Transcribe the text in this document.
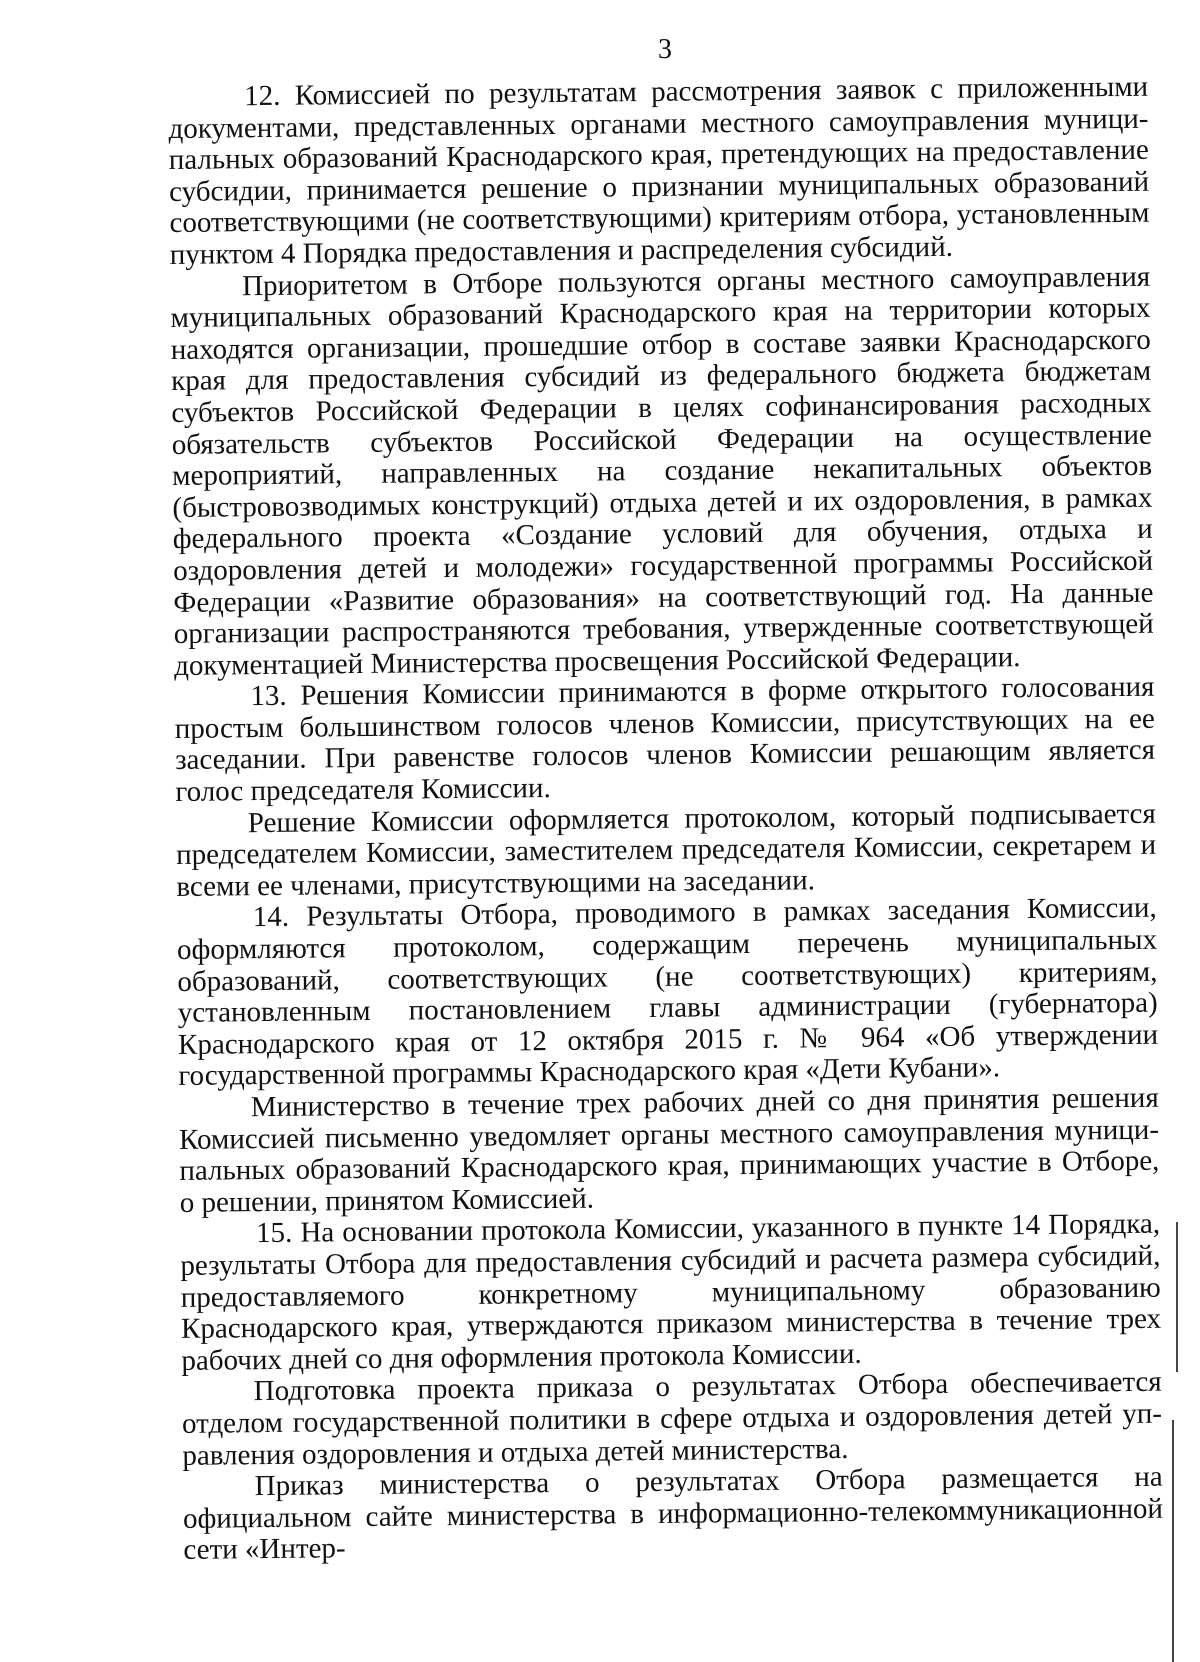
3

12. Комиссией по результатам рассмотрения заявок с приложенными документами, представленных органами местного самоуправления муниципальных образований Краснодарского края, претендующих на предоставление субсидии, принимается решение о признании муниципальных образований соответствующими (не соответствующими) критериям отбора, установленным пунктом 4 Порядка предоставления и распределения субсидий.

Приоритетом в Отборе пользуются органы местного самоуправления муниципальных образований Краснодарского края на территории которых находятся организации, прошедшие отбор в составе заявки Краснодарского края для предоставления субсидий из федерального бюджета бюджетам субъектов Российской Федерации в целях софинансирования расходных обязательств субъектов Российской Федерации на осуществление мероприятий, направленных на создание некапитальных объектов (быстровозводимых конструкций) отдыха детей и их оздоровления, в рамках федерального проекта «Создание условий для обучения, отдыха и оздоровления детей и молодежи» государственной программы Российской Федерации «Развитие образования» на соответствующий год. На данные организации распространяются требования, утвержденные соответствующей документацией Министерства просвещения Российской Федерации.

13. Решения Комиссии принимаются в форме открытого голосования простым большинством голосов членов Комиссии, присутствующих на ее заседании. При равенстве голосов членов Комиссии решающим является голос председателя Комиссии.

Решение Комиссии оформляется протоколом, который подписывается председателем Комиссии, заместителем председателя Комиссии, секретарем и всеми ее членами, присутствующими на заседании.

14. Результаты Отбора, проводимого в рамках заседания Комиссии, оформляются протоколом, содержащим перечень муниципальных образований, соответствующих (не соответствующих) критериям, установленным постановлением главы администрации (губернатора) Краснодарского края от 12 октября 2015 г. № 964 «Об утверждении государственной программы Краснодарского края «Дети Кубани».

Министерство в течение трех рабочих дней со дня принятия решения Комиссией письменно уведомляет органы местного самоуправления муниципальных образований Краснодарского края, принимающих участие в Отборе, о решении, принятом Комиссией.

15. На основании протокола Комиссии, указанного в пункте 14 Порядка, результаты Отбора для предоставления субсидий и расчета размера субсидий, предоставляемого конкретному муниципальному образованию Краснодарского края, утверждаются приказом министерства в течение трех рабочих дней со дня оформления протокола Комиссии.

Подготовка проекта приказа о результатах Отбора обеспечивается отделом государственной политики в сфере отдыха и оздоровления детей управления оздоровления и отдыха детей министерства.

Приказ министерства о результатах Отбора размещается на официальном сайте министерства в информационно-телекоммуникационной сети «Интер-
